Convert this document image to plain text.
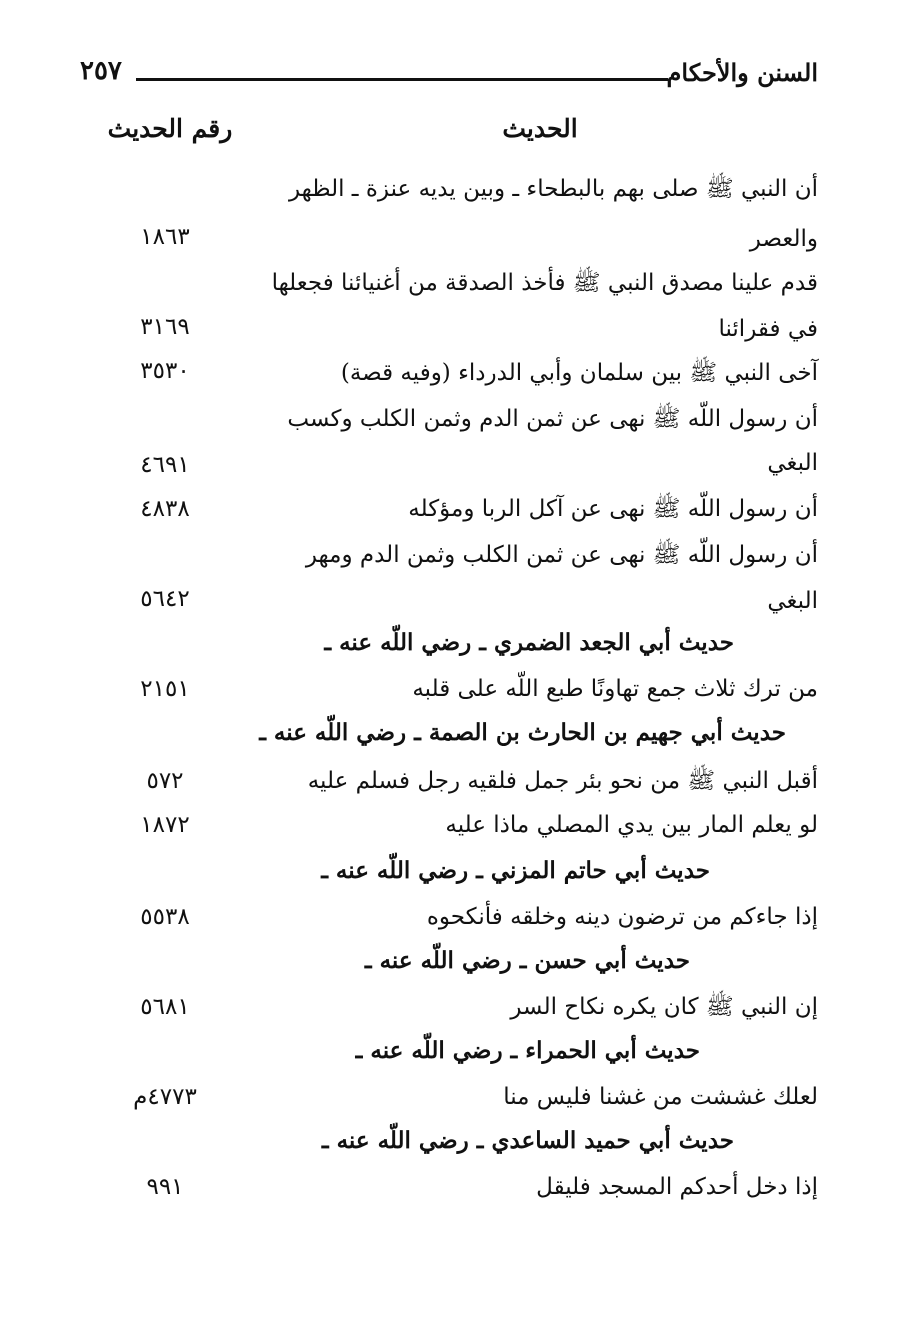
السنن والأحكام
٢٥٧
الحديث
رقم الحديث
أن النبي ﷺ صلى بهم بالبطحاء ـ وبين يديه عنزة ـ الظهر
والعصر
١٨٦٣
قدم علينا مصدق النبي ﷺ فأخذ الصدقة من أغنيائنا فجعلها
في فقرائنا
٣١٦٩
آخى النبي ﷺ بين سلمان وأبي الدرداء (وفيه قصة)
٣٥٣٠
أن رسول اللّه ﷺ نهى عن ثمن الدم وثمن الكلب وكسب
البغي
٤٦٩١
أن رسول اللّه ﷺ نهى عن آكل الربا ومؤكله
٤٨٣٨
أن رسول اللّه ﷺ نهى عن ثمن الكلب وثمن الدم ومهر
البغي
٥٦٤٢
حديث أبي الجعد الضمري ـ رضي اللّه عنه ـ
من ترك ثلاث جمع تهاونًا طبع اللّه على قلبه
٢١٥١
حديث أبي جهيم بن الحارث بن الصمة ـ رضي اللّه عنه ـ
أقبل النبي ﷺ من نحو بئر جمل فلقيه رجل فسلم عليه
٥٧٢
لو يعلم المار بين يدي المصلي ماذا عليه
١٨٧٢
حديث أبي حاتم المزني ـ رضي اللّه عنه ـ
إذا جاءكم من ترضون دينه وخلقه فأنكحوه
٥٥٣٨
حديث أبي حسن ـ رضي اللّه عنه ـ
إن النبي ﷺ كان يكره نكاح السر
٥٦٨١
حديث أبي الحمراء ـ رضي اللّه عنه ـ
لعلك غششت من غشنا فليس منا
٤٧٧٣م
حديث أبي حميد الساعدي ـ رضي اللّه عنه ـ
إذا دخل أحدكم المسجد فليقل
٩٩١
